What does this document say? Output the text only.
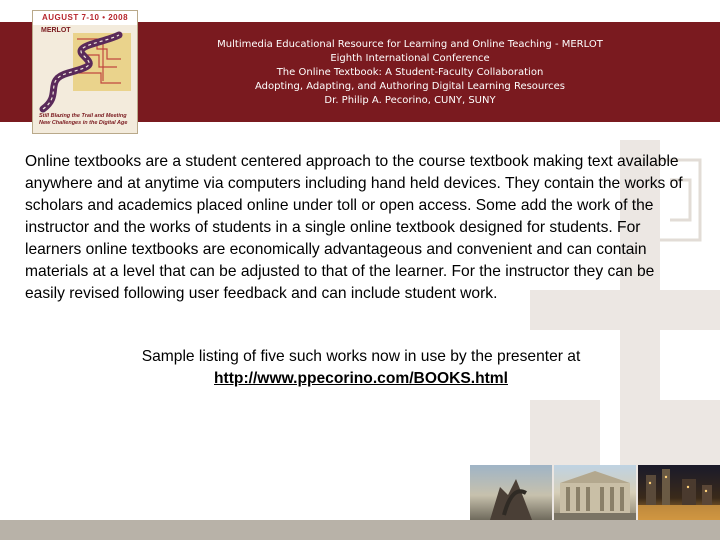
Multimedia Educational Resource for Learning and Online Teaching - MERLOT
Eighth International Conference
The Online Textbook: A Student-Faculty Collaboration
Adopting, Adapting, and Authoring Digital Learning Resources
Dr. Philip A. Pecorino, CUNY, SUNY
AUGUST 7-10 • 2008
MERLOT
Still Blazing the Trail and Meeting
New Challenges in the Digital Age

Online textbooks are a student centered approach to the course textbook making text available anywhere and at anytime via computers including hand held devices. They contain the works of scholars and academics placed online under toll or open access. Some add the work of the instructor and the works of students in a single online textbook designed for students. For learners online textbooks are economically advantageous and convenient and can contain materials at a level that can be adjusted to that of the learner. For the instructor they can be easily revised following user feedback and can include student work.

Sample listing of five such works now in use by the presenter at
http://www.ppecorino.com/BOOKS.html
